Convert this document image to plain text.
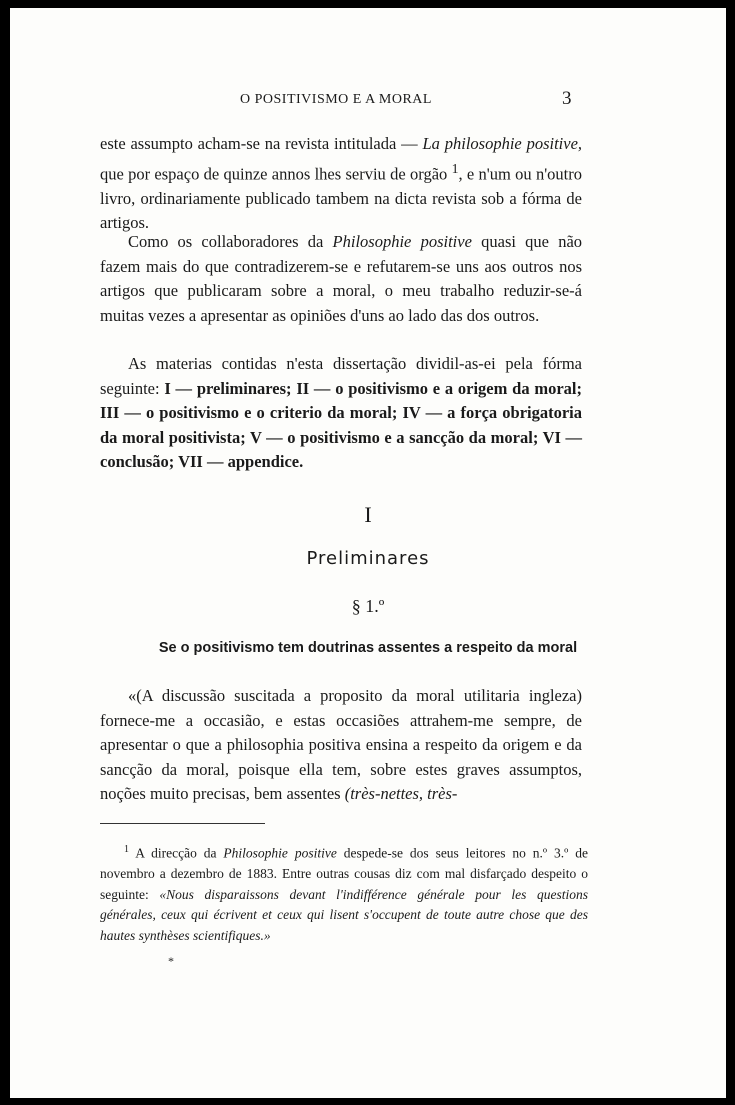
O POSITIVISMO E A MORAL	3

este assumpto acham-se na revista intitulada — La philosophie positive, que por espaço de quinze annos lhes serviu de orgão $^1$, e n'um ou n'outro livro, ordinariamente publicado tambem na dicta revista sob a fórma de artigos.

Como os collaboradores da Philosophie positive quasi que não fazem mais do que contradizerem-se e refutarem-se uns aos outros nos artigos que publicaram sobre a moral, o meu trabalho reduzir-se-á muitas vezes a apresentar as opiniões d'uns ao lado das dos outros.

As materias contidas n'esta dissertação dividil-as-ei pela fórma seguinte: I — preliminares; II — o positivismo e a origem da moral; III — o positivismo e o criterio da moral; IV — a força obrigatoria da moral positivista; V — o positivismo e a sancção da moral; VI — conclusão; VII — appendice.

I
Preliminares
§ 1.º
Se o positivismo tem doutrinas assentes a respeito da moral

«(A discussão suscitada a proposito da moral utilitaria ingleza) fornece-me a occasião, e estas occasiões attrahem-me sempre, de apresentar o que a philosophia positiva ensina a respeito da origem e da sancção da moral, poisque ella tem, sobre estes graves assumptos, noções muito precisas, bem assentes (très-nettes, très-

$^1$ A direcção da Philosophie positive despede-se dos seus leitores no n.º 3.º de novembro a dezembro de 1883. Entre outras cousas diz com mal disfarçado despeito o seguinte: «Nous disparaissons devant l'indifférence générale pour les questions générales, ceux qui écrivent et ceux qui lisent s'occupent de toute autre chose que des hautes synthèses scientifiques.»

*
